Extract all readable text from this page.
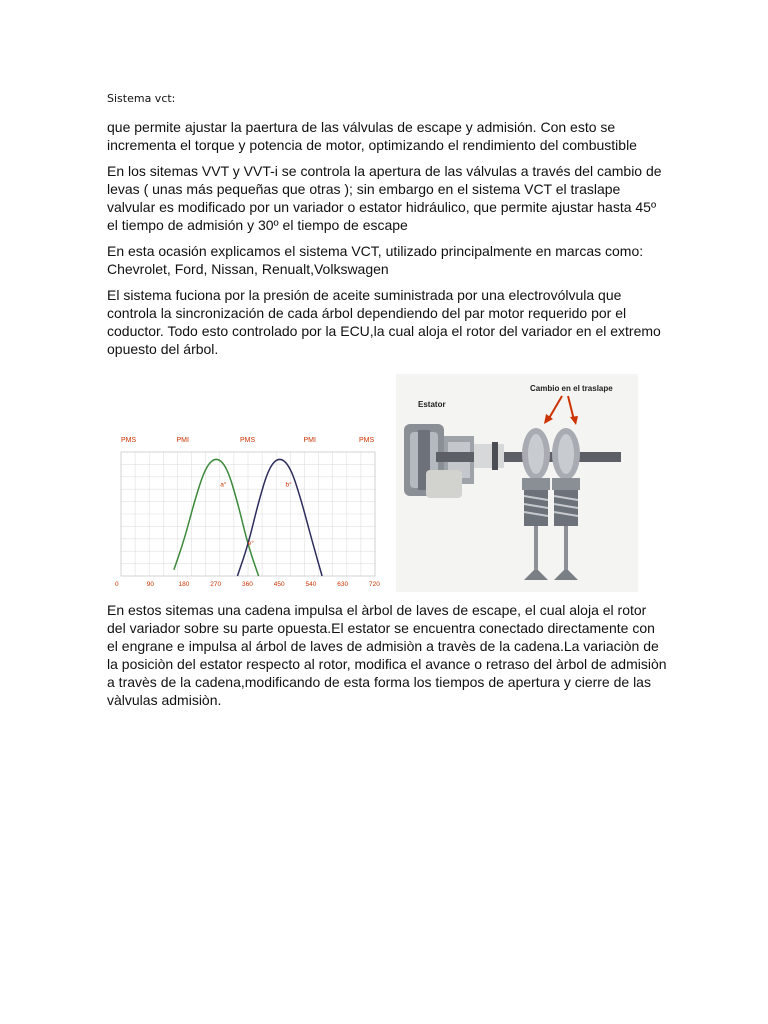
Sistema vct:

que permite ajustar la paertura de las válvulas de escape y admisión. Con esto se incrementa el torque y potencia de motor, optimizando el rendimiento del combustible

En los sitemas VVT y VVT-i se controla la apertura de las válvulas a través del cambio de levas ( unas más pequeñas que otras ); sin embargo en el sistema VCT el traslape valvular es modificado por un variador o estator hidráulico, que permite ajustar hasta 45º el tiempo de admisión y 30º el tiempo de escape

En esta ocasión explicamos el sistema VCT, utilizado principalmente en marcas como: Chevrolet, Ford, Nissan, Renualt,Volkswagen

El sistema fuciona por la presión de aceite suministrada por una electrovólvula que controla la sincronización de cada árbol dependiendo del par motor requerido por el coductor. Todo esto controlado por la ECU,la cual aloja el rotor del variador en el extremo opuesto del árbol.

PMS	PMI	PMS	PMI	PMS
0	90	180	270	360	450	540	630	720
a°	b°
e°
Estator
Cambio en el traslape

En estos sitemas una cadena impulsa el àrbol de laves de escape, el cual aloja el rotor del variador sobre su parte opuesta.El estator se encuentra conectado directamente con el engrane e impulsa al árbol de laves de admisiòn a travès de la cadena.La variaciòn de la posiciòn del estator respecto al rotor, modifica el avance o retraso del àrbol de admisiòn a travès de la cadena,modificando de esta forma los tiempos de apertura y cierre de las vàlvulas admisiòn.
